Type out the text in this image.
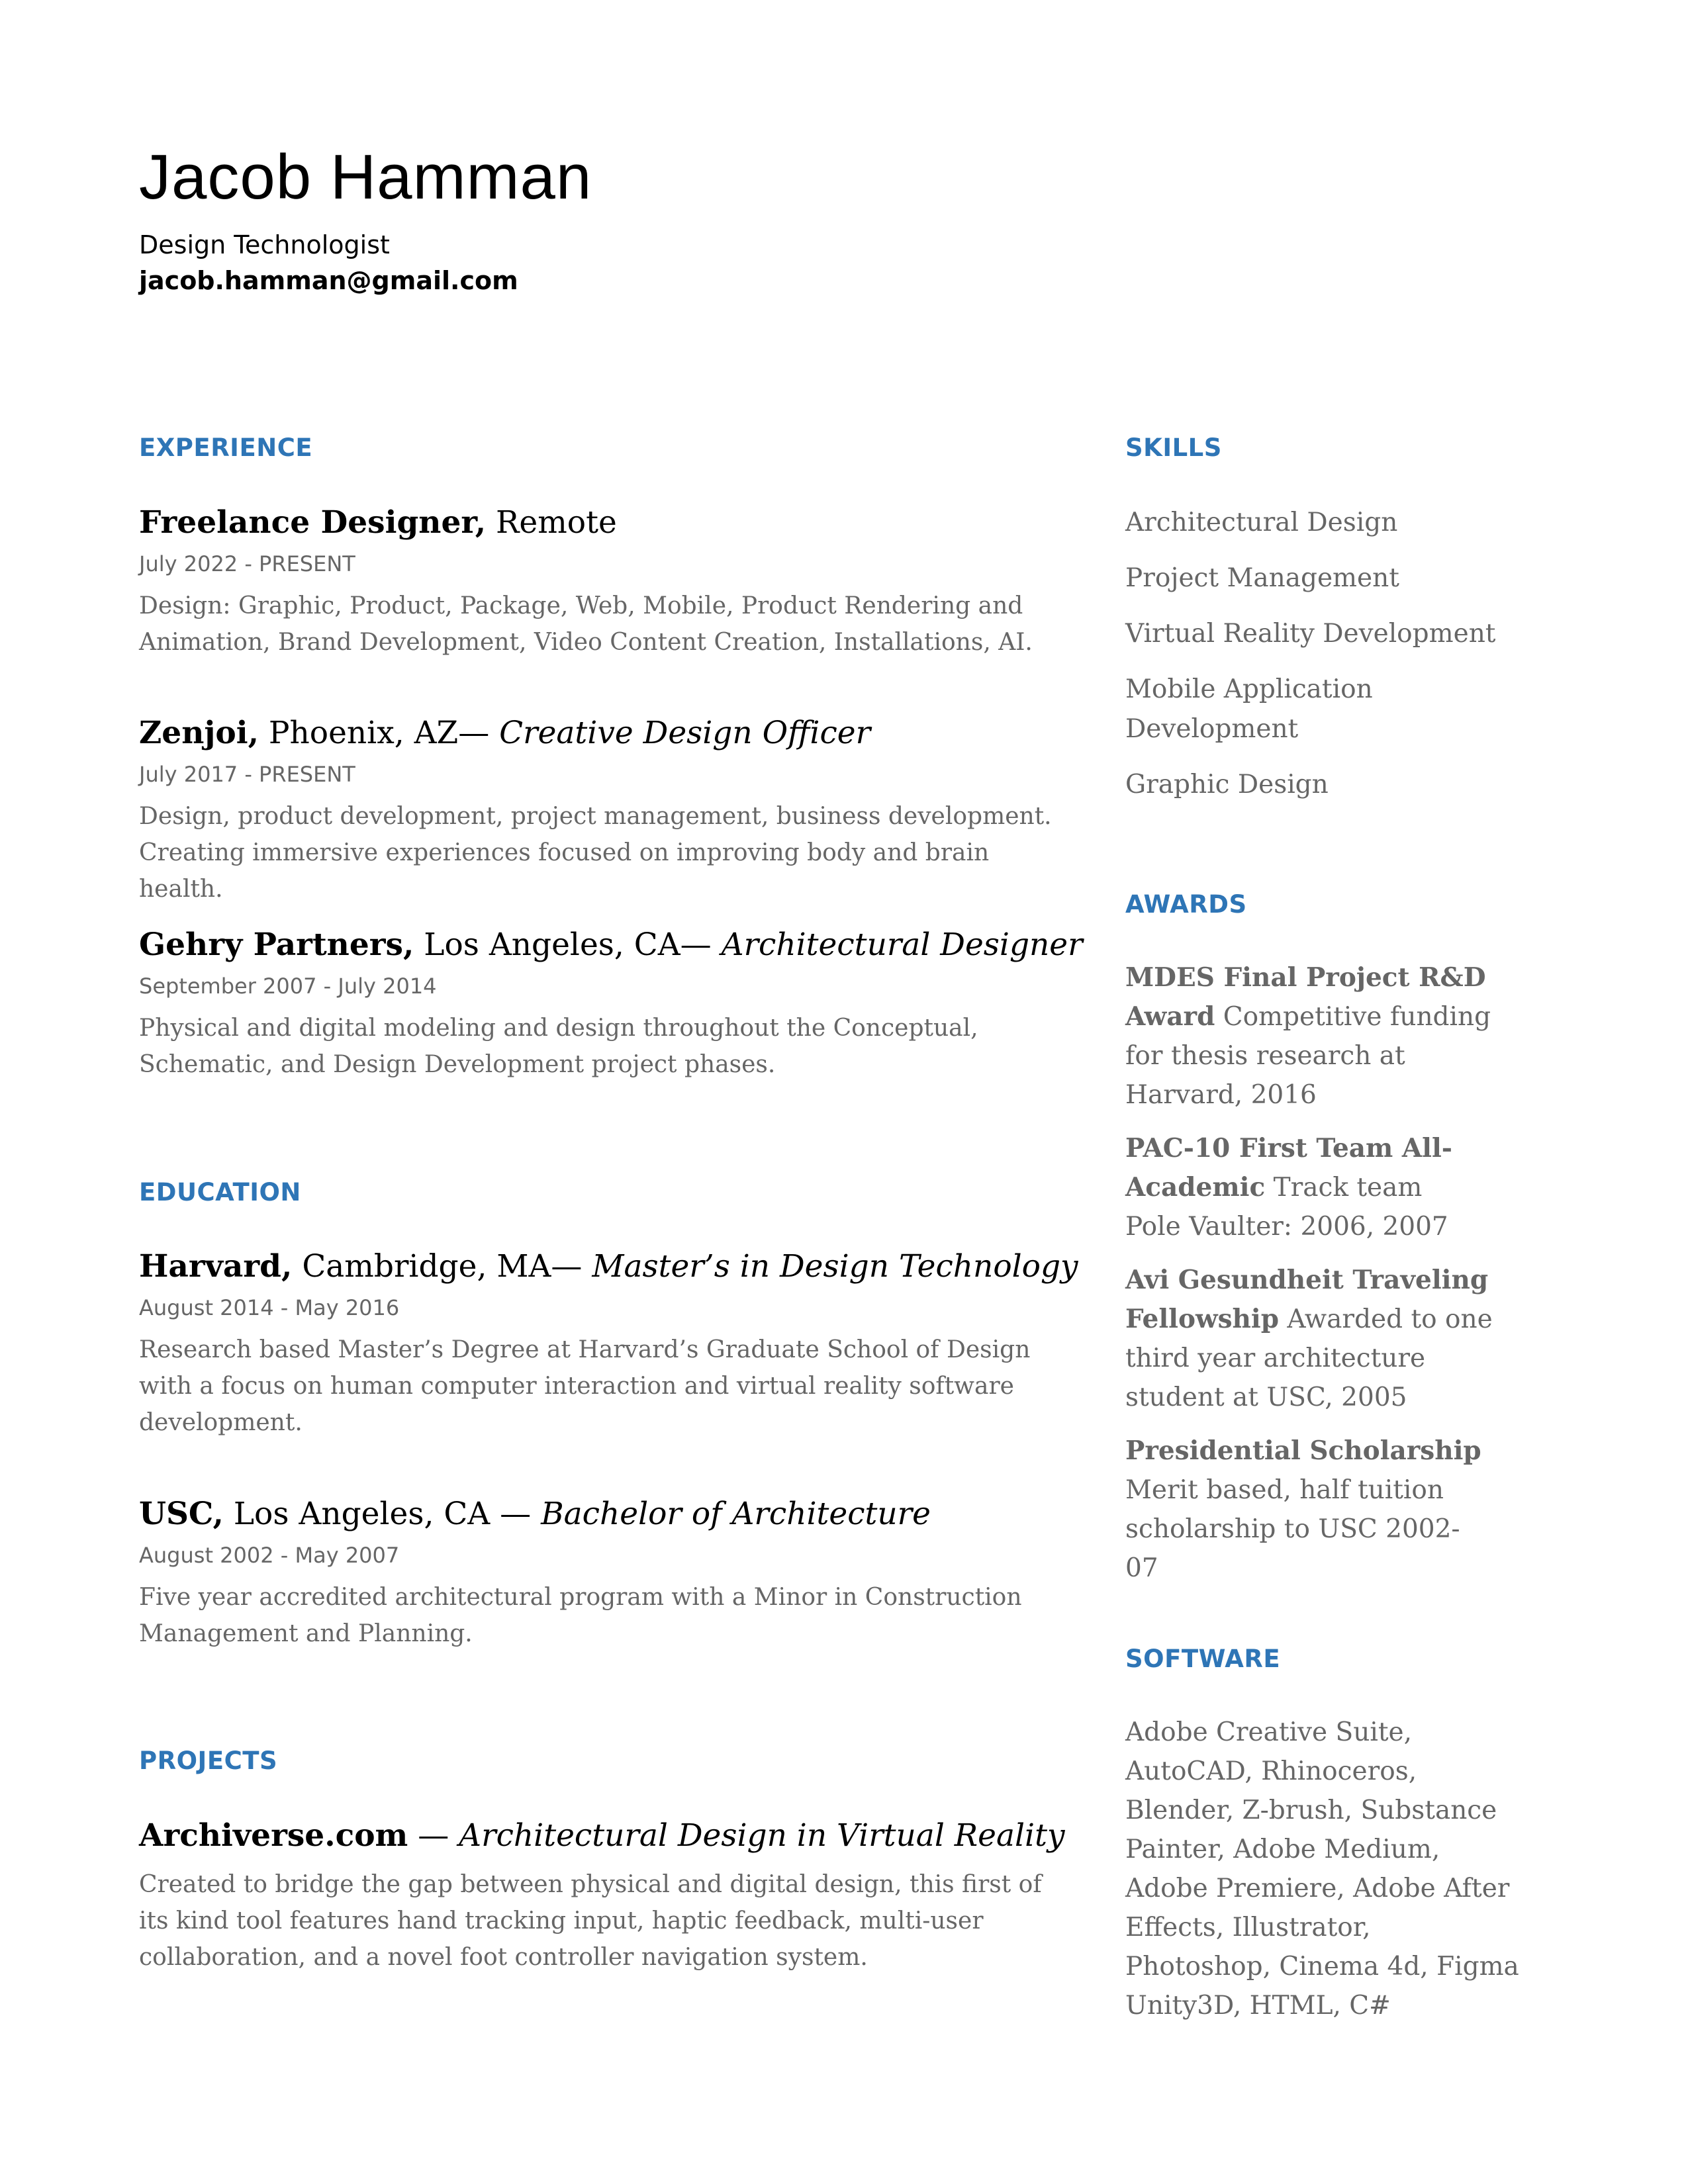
Jacob Hamman
Design Technologist
jacob.hamman@gmail.com
EXPERIENCE
Freelance Designer, Remote
July 2022 - PRESENT
Design: Graphic, Product, Package, Web, Mobile, Product Rendering and Animation, Brand Development, Video Content Creation, Installations, AI.
Zenjoi, Phoenix, AZ— Creative Design Officer
July 2017 - PRESENT
Design, product development, project management, business development. Creating immersive experiences focused on improving body and brain health.
Gehry Partners, Los Angeles, CA— Architectural Designer
September 2007 - July 2014
Physical and digital modeling and design throughout the Conceptual, Schematic, and Design Development project phases.
EDUCATION
Harvard, Cambridge, MA— Master’s in Design Technology
August 2014 - May 2016
Research based Master’s Degree at Harvard’s Graduate School of Design with a focus on human computer interaction and virtual reality software development.
USC, Los Angeles, CA — Bachelor of Architecture
August 2002 - May 2007
Five year accredited architectural program with a Minor in Construction Management and Planning.
PROJECTS
Archiverse.com — Architectural Design in Virtual Reality
Created to bridge the gap between physical and digital design, this first of its kind tool features hand tracking input, haptic feedback, multi-user collaboration, and a novel foot controller navigation system.
SKILLS
Architectural Design
Project Management
Virtual Reality Development
Mobile Application Development
Graphic Design
AWARDS
MDES Final Project R&D Award Competitive funding for thesis research at Harvard, 2016
PAC-10 First Team All-Academic Track team Pole Vaulter: 2006, 2007
Avi Gesundheit Traveling Fellowship Awarded to one third year architecture student at USC, 2005
Presidential Scholarship Merit based, half tuition scholarship to USC 2002-07
SOFTWARE
Adobe Creative Suite, AutoCAD, Rhinoceros, Blender, Z-brush, Substance Painter, Adobe Medium, Adobe Premiere, Adobe After Effects, Illustrator, Photoshop, Cinema 4d, Figma Unity3D, HTML, C#
